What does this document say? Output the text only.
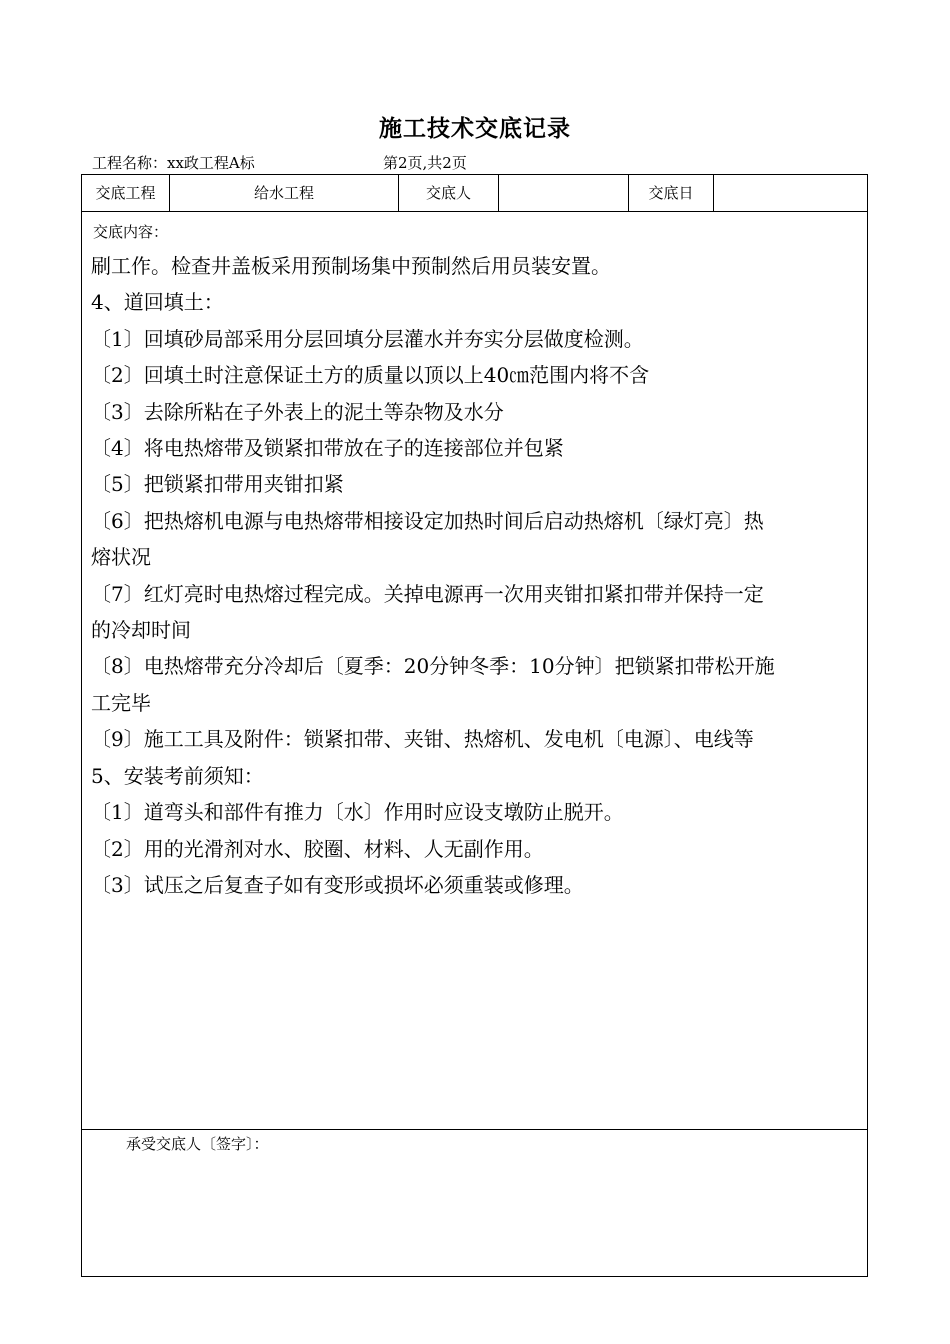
施工技术交底记录
工程名称：xx政工程A标	第2页,共2页
交底工程	给水工程	交底人	交底日
交底内容：
刷工作。检查井盖板采用预制场集中预制然后用员装安置。
4、道回填土：
〔1〕回填砂局部采用分层回填分层灌水并夯实分层做度检测。
〔2〕回填土时注意保证土方的质量以顶以上40㎝范围内将不含
〔3〕去除所粘在子外表上的泥土等杂物及水分
〔4〕将电热熔带及锁紧扣带放在子的连接部位并包紧
〔5〕把锁紧扣带用夹钳扣紧
〔6〕把热熔机电源与电热熔带相接设定加热时间后启动热熔机〔绿灯亮〕热
熔状况
〔7〕红灯亮时电热熔过程完成。关掉电源再一次用夹钳扣紧扣带并保持一定
的冷却时间
〔8〕电热熔带充分冷却后〔夏季：20分钟冬季：10分钟〕把锁紧扣带松开施
工完毕
〔9〕施工工具及附件：锁紧扣带、夹钳、热熔机、发电机〔电源〕、电线等
5、安装考前须知：
〔1〕道弯头和部件有推力〔水〕作用时应设支墩防止脱开。
〔2〕用的光滑剂对水、胶圈、材料、人无副作用。
〔3〕试压之后复查子如有变形或损坏必须重装或修理。
承受交底人〔签字〕：
